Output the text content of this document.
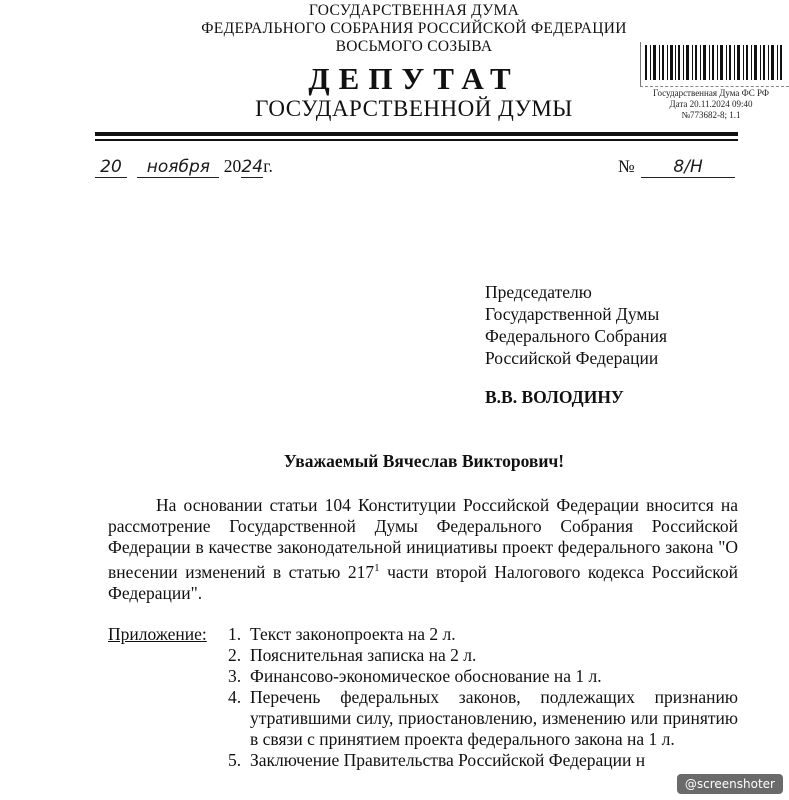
ГОСУДАРСТВЕННАЯ ДУМА
ФЕДЕРАЛЬНОГО СОБРАНИЯ РОССИЙСКОЙ ФЕДЕРАЦИИ
ВОСЬМОГО СОЗЫВА
ДЕПУТАТ
ГОСУДАРСТВЕННОЙ ДУМЫ
Государственная Дума ФС РФ
Дата 20.11.2024 09:40
№773682-8; 1.1
20 ноября 2024г.	№ 8/Н
Председателю
Государственной Думы
Федерального Собрания
Российской Федерации
В.В. ВОЛОДИНУ
Уважаемый Вячеслав Викторович!
На основании статьи 104 Конституции Российской Федерации вносится на рассмотрение Государственной Думы Федерального Собрания Российской Федерации в качестве законодательной инициативы проект федерального закона "О внесении изменений в статью $217^1$ части второй Налогового кодекса Российской Федерации".
Приложение: 1. Текст законопроекта на 2 л.
2. Пояснительная записка на 2 л.
3. Финансово-экономическое обоснование на 1 л.
4. Перечень федеральных законов, подлежащих признанию утратившими силу, приостановлению, изменению или принятию в связи с принятием проекта федерального закона на 1 л.
5. Заключение Правительства Российской Федерации н
@screenshoter
